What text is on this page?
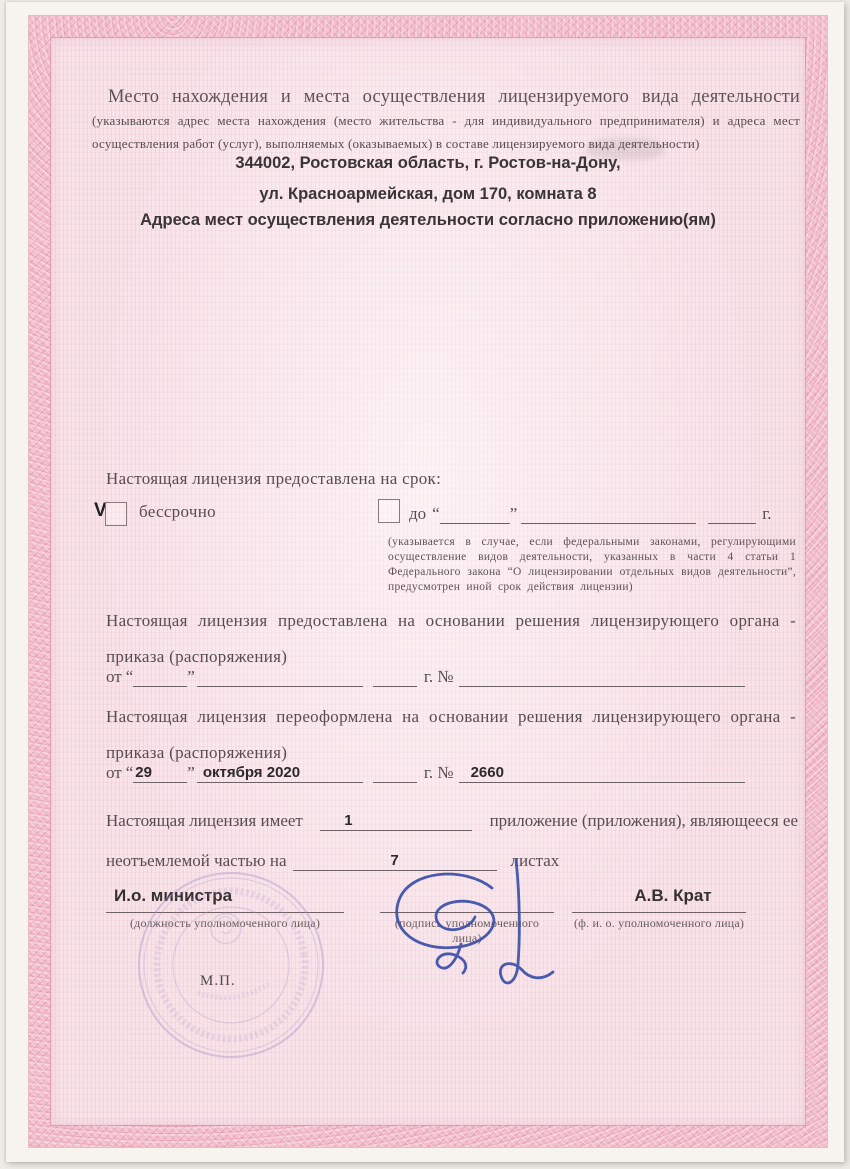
Место нахождения и места осуществления лицензируемого вида деятельности (указываются адрес места нахождения (место жительства - для индивидуального предпринимателя) и адреса мест осуществления работ (услуг), выполняемых (оказываемых) в составе лицензируемого вида деятельности)
344002, Ростовская область, г. Ростов-на-Дону,
ул. Красноармейская, дом 170, комната 8
Адреса мест осуществления деятельности согласно приложению(ям)
Настоящая лицензия предоставлена на срок:
V бессрочно	до “	”	г.
(указывается в случае, если федеральными законами, регулирующими осуществление видов деятельности, указанных в части 4 статьи 1 Федерального закона “О лицензировании отдельных видов деятельности”, предусмотрен иной срок действия лицензии)
Настоящая лицензия предоставлена на основании решения лицензирующего органа -
приказа (распоряжения)
от “	”	г. №
Настоящая лицензия переоформлена на основании решения лицензирующего органа -
приказа (распоряжения)
от “ 29	” октября 2020	г. №	2660
Настоящая лицензия имеет	1	приложение (приложения), являющееся ее
неотъемлемой частью на	7	листах
И.о. министра
(должность уполномоченного лица)	(подпись уполномоченного лица)
А.В. Крат
(ф. и. о. уполномоченного лица)
М.П.
